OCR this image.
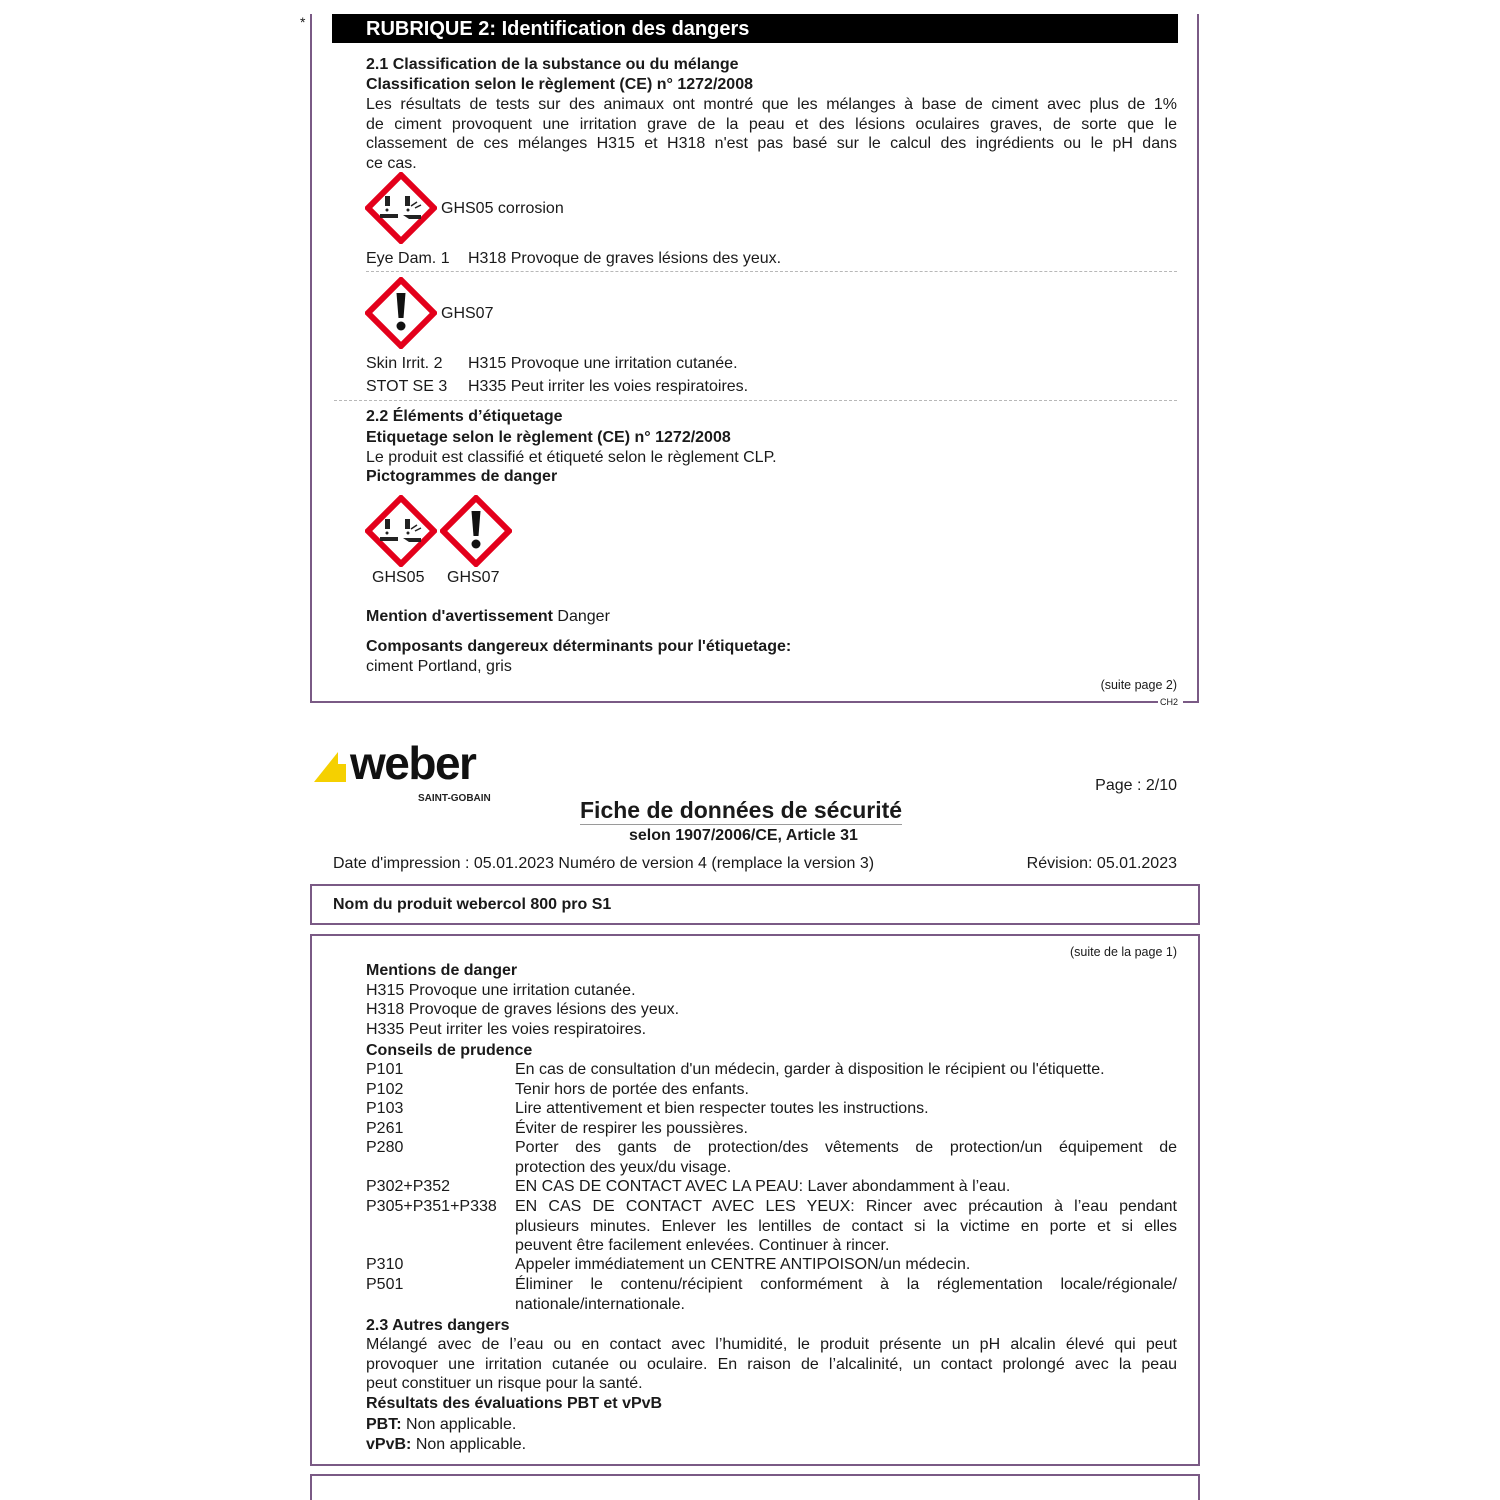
*
CH2
RUBRIQUE 2: Identification des dangers
2.1 Classification de la substance ou du mélange
Classification selon le règlement (CE) n° 1272/2008
Les résultats de tests sur des animaux ont montré que les mélanges à base de ciment avec plus de 1%
de ciment provoquent une irritation grave de la peau et des lésions oculaires graves, de sorte que le
classement de ces mélanges H315 et H318 n'est pas basé sur le calcul des ingrédients ou le pH dans
ce cas.
GHS05 corrosion
Eye Dam. 1 H318 Provoque de graves lésions des yeux.
GHS07
Skin Irrit. 2 H315 Provoque une irritation cutanée.
STOT SE 3 H335 Peut irriter les voies respiratoires.
2.2 Éléments d’étiquetage
Etiquetage selon le règlement (CE) n° 1272/2008
Le produit est classifié et étiqueté selon le règlement CLP.
Pictogrammes de danger
GHS05 GHS07
Mention d'avertissement Danger
Composants dangereux déterminants pour l'étiquetage:
ciment Portland, gris
(suite page 2)
weber
SAINT-GOBAIN
Page : 2/10
Fiche de données de sécurité
selon 1907/2006/CE, Article 31
Date d'impression : 05.01.2023 Numéro de version 4 (remplace la version 3)	Révision: 05.01.2023
Nom du produit webercol 800 pro S1
(suite de la page 1)
Mentions de danger
H315 Provoque une irritation cutanée.
H318 Provoque de graves lésions des yeux.
H335 Peut irriter les voies respiratoires.
Conseils de prudence
P101	En cas de consultation d'un médecin, garder à disposition le récipient ou l'étiquette.
P102	Tenir hors de portée des enfants.
P103	Lire attentivement et bien respecter toutes les instructions.
P261	Éviter de respirer les poussières.
P280	Porter des gants de protection/des vêtements de protection/un équipement de
protection des yeux/du visage.
P302+P352	EN CAS DE CONTACT AVEC LA PEAU: Laver abondamment à l’eau.
P305+P351+P338 EN CAS DE CONTACT AVEC LES YEUX: Rincer avec précaution à l’eau pendant
plusieurs minutes. Enlever les lentilles de contact si la victime en porte et si elles
peuvent être facilement enlevées. Continuer à rincer.
P310	Appeler immédiatement un CENTRE ANTIPOISON/un médecin.
P501	Éliminer le contenu/récipient conformément à la réglementation locale/régionale/
nationale/internationale.
2.3 Autres dangers
Mélangé avec de l’eau ou en contact avec l’humidité, le produit présente un pH alcalin élevé qui peut
provoquer une irritation cutanée ou oculaire. En raison de l’alcalinité, un contact prolongé avec la peau
peut constituer un risque pour la santé.
Résultats des évaluations PBT et vPvB
PBT: Non applicable.
vPvB: Non applicable.
